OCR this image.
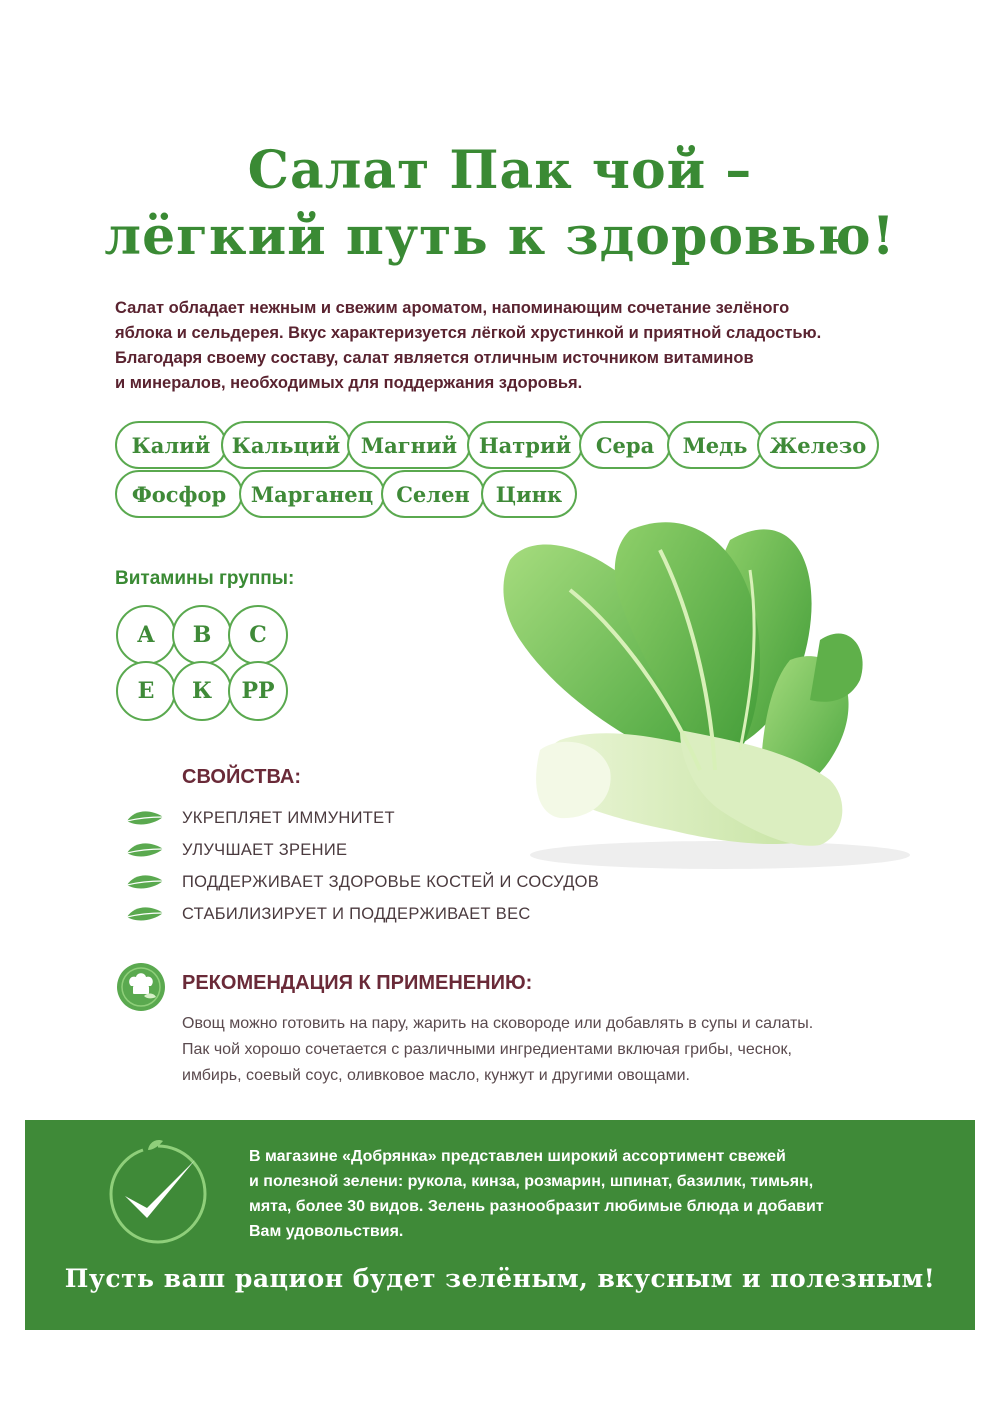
Салат Пак чой –
лёгкий путь к здоровью!
Салат обладает нежным и свежим ароматом, напоминающим сочетание зелёного
яблока и сельдерея. Вкус характеризуется лёгкой хрустинкой и приятной сладостью.
Благодаря своему составу, салат является отличным источником витаминов
и минералов, необходимых для поддержания здоровья.
Калий	Кальций Магний	Натрий	Сера	Медь	Железо
Фосфор	Марганец	Селен	Цинк
Витамины группы:
А	В	С
Е	К	РР
СВОЙСТВА:
УКРЕПЛЯЕТ ИММУНИТЕТ
УЛУЧШАЕТ ЗРЕНИЕ
ПОДДЕРЖИВАЕТ ЗДОРОВЬЕ КОСТЕЙ И СОСУДОВ
СТАБИЛИЗИРУЕТ И ПОДДЕРЖИВАЕТ ВЕС
РЕКОМЕНДАЦИЯ К ПРИМЕНЕНИЮ:
Овощ можно готовить на пару, жарить на сковороде или добавлять в супы и салаты.
Пак чой хорошо сочетается с различными ингредиентами включая грибы, чеснок,
имбирь, соевый соус, оливковое масло, кунжут и другими овощами.
В магазине «Добрянка» представлен широкий ассортимент свежей
и полезной зелени: рукола, кинза, розмарин, шпинат, базилик, тимьян,
мята, более 30 видов. Зелень разнообразит любимые блюда и добавит
Вам удовольствия.
Пусть ваш рацион будет зелёным, вкусным и полезным!
